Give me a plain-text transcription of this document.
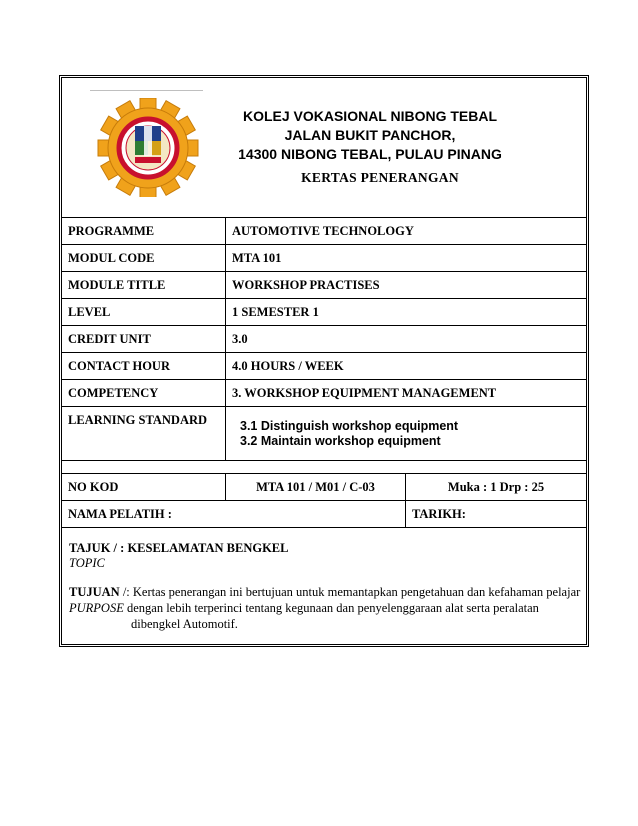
KOLEJ VOKASIONAL NIBONG TEBAL
JALAN BUKIT PANCHOR,
14300 NIBONG TEBAL, PULAU PINANG
KERTAS PENERANGAN
PROGRAMME	AUTOMOTIVE TECHNOLOGY
MODUL CODE	MTA 101
MODULE TITLE	WORKSHOP PRACTISES
LEVEL	1 SEMESTER 1
CREDIT UNIT	3.0
CONTACT HOUR	4.0 HOURS / WEEK
COMPETENCY	3. WORKSHOP EQUIPMENT MANAGEMENT
LEARNING STANDARD	3.1 Distinguish workshop equipment
3.2 Maintain workshop equipment
NO KOD	MTA 101 / M01 / C-03	Muka : 1 Drp : 25
NAMA PELATIH :		TARIKH:
TAJUK / : KESELAMATAN BENGKEL
TOPIC
TUJUAN /: Kertas penerangan ini bertujuan untuk memantapkan pengetahuan dan kefahaman pelajar
PURPOSE dengan lebih terperinci tentang kegunaan dan penyelenggaraan alat serta peralatan
dibengkel Automotif.
